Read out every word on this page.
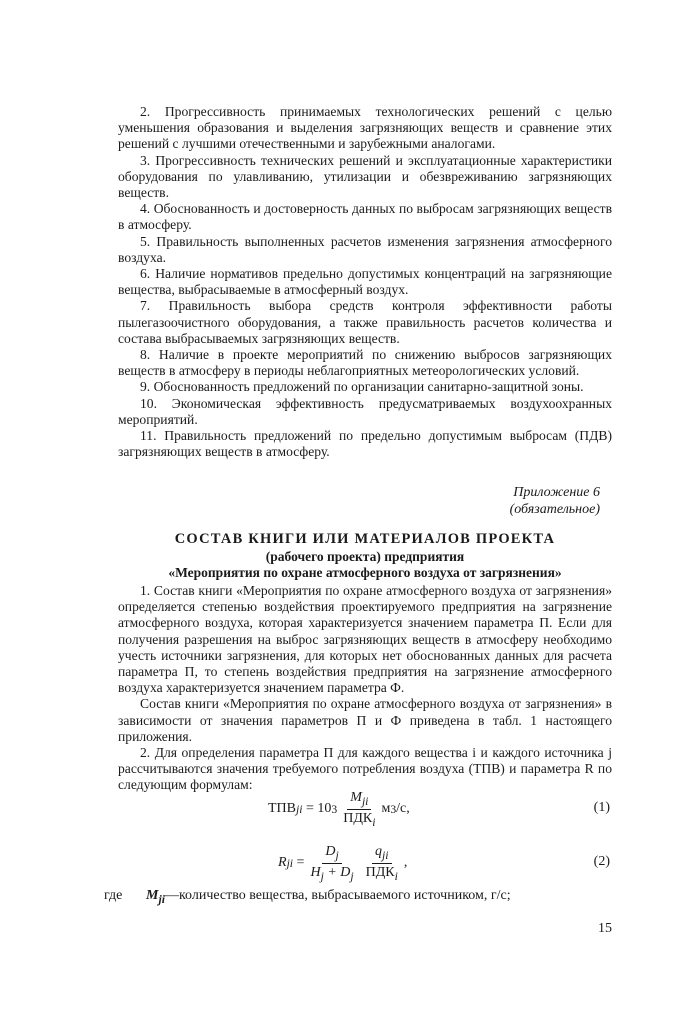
2. Прогрессивность принимаемых технологических решений с целью уменьшения образования и выделения загрязняющих веществ и сравнение этих решений с лучшими отечественными и зарубежными аналогами.

3. Прогрессивность технических решений и эксплуатационные характеристики оборудования по улавливанию, утилизации и обезвреживанию загрязняющих веществ.

4. Обоснованность и достоверность данных по выбросам загрязняющих веществ в атмосферу.

5. Правильность выполненных расчетов изменения загрязнения атмосферного воздуха.

6. Наличие нормативов предельно допустимых концентраций на загрязняющие вещества, выбрасываемые в атмосферный воздух.

7. Правильность выбора средств контроля эффективности работы пылегазоочистного оборудования, а также правильность расчетов количества и состава выбрасываемых загрязняющих веществ.

8. Наличие в проекте мероприятий по снижению выбросов загрязняющих веществ в атмосферу в периоды неблагоприятных метеорологических условий.

9. Обоснованность предложений по организации санитарно-защитной зоны.

10. Экономическая эффективность предусматриваемых воздухоохранных мероприятий.

11. Правильность предложений по предельно допустимым выбросам (ПДВ) загрязняющих веществ в атмосферу.

Приложение 6
(обязательное)
СОСТАВ КНИГИ ИЛИ МАТЕРИАЛОВ ПРОЕКТА
(рабочего проекта) предприятия
«Мероприятия по охране атмосферного воздуха от загрязнения»

1. Состав книги «Мероприятия по охране атмосферного воздуха от загрязнения» определяется степенью воздействия проектируемого предприятия на загрязнение атмосферного воздуха, которая характеризуется значением параметра П. Если для получения разрешения на выброс загрязняющих веществ в атмосферу необходимо учесть источники загрязнения, для которых нет обоснованных данных для расчета параметра П, то степень воздействия предприятия на загрязнение атмосферного воздуха характеризуется значением параметра Ф.

Состав книги «Мероприятия по охране атмосферного воздуха от загрязнения» в зависимости от значения параметров П и Ф приведена в табл. 1 настоящего приложения.

2. Для определения параметра П для каждого вещества i и каждого источника j рассчитываются значения требуемого потребления воздуха (ТПВ) и параметра R по следующим формулам:

ТПВ ji
= 10 $3 \frac{M_{ji}}{ПДК_i}$ м 3 /с,	(1)
R ji
= $\frac{D_j}{H_j + D_j} \frac{q_{ji}}{ПДК_i}$ ,	(2)
где $M_{ji}—количество$ вещества, выбрасываемого источником, г/с;
15
